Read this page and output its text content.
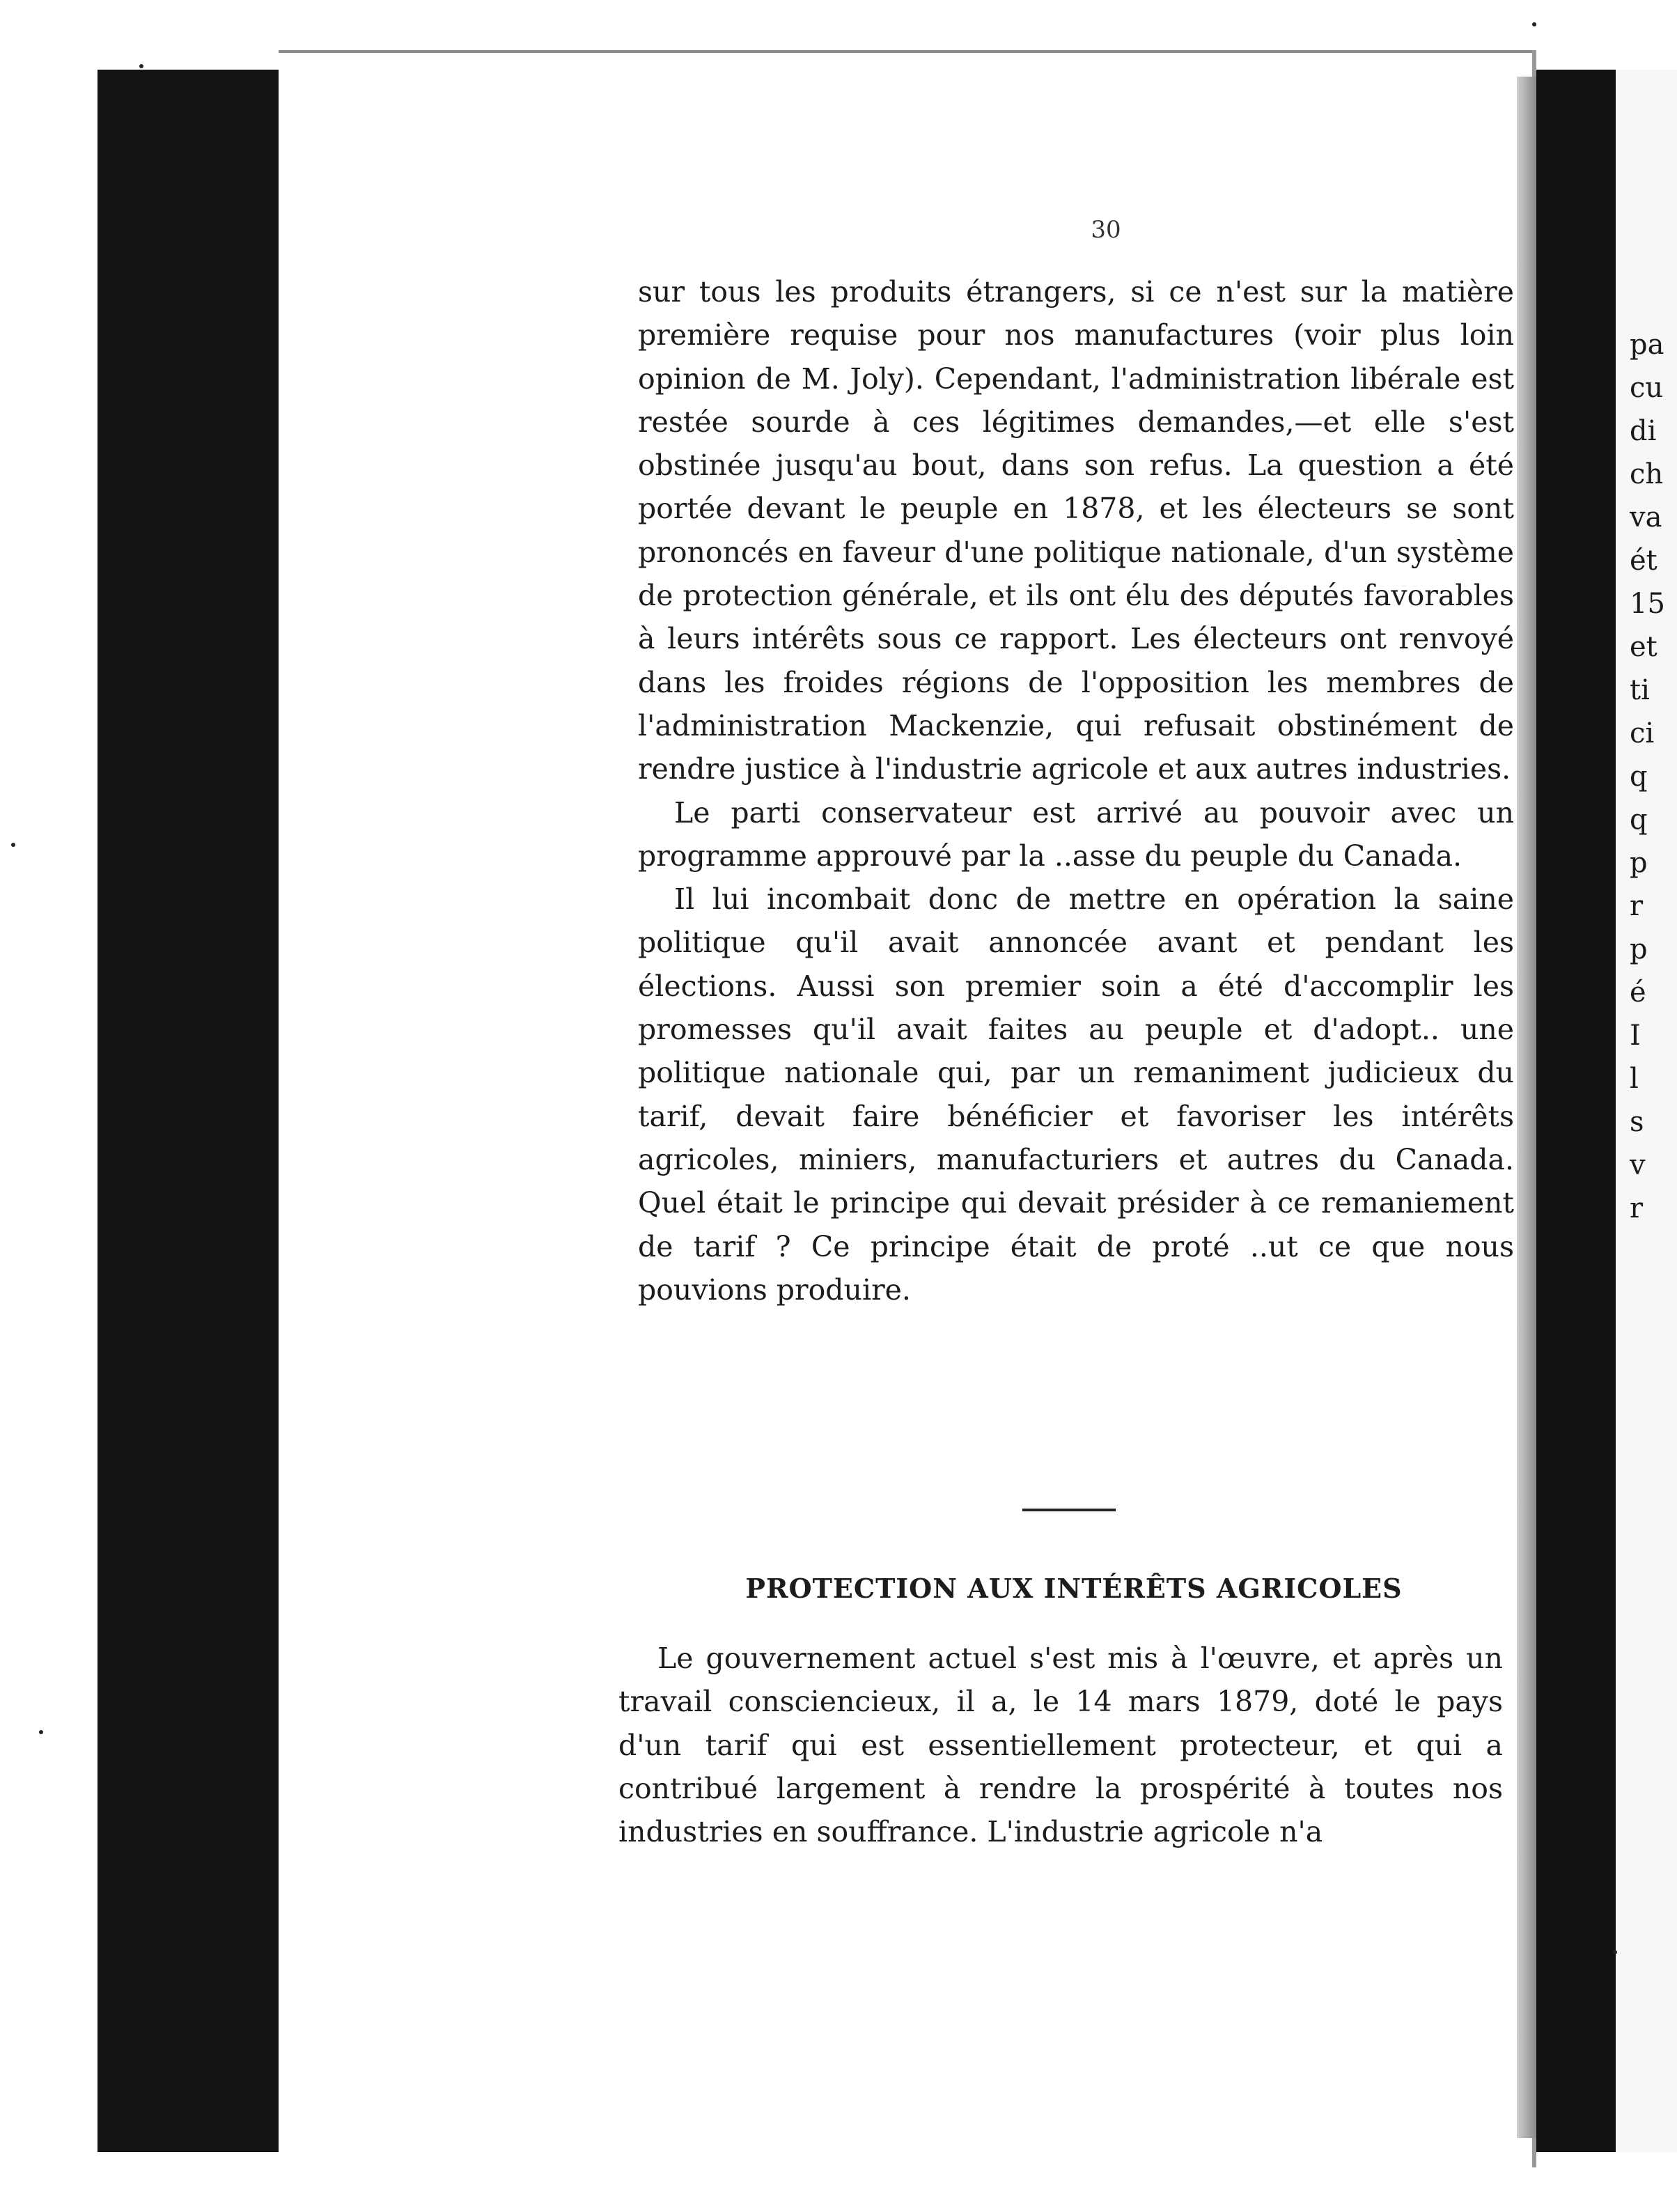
pa
cu
di
ch
va
ét
15
et
ti
ci
q
q
p
r
p
é
I
l
s
v
r
30

sur tous les produits étrangers, si ce n'est sur la matière première requise pour nos manufactures (voir plus loin opinion de M. Joly). Cependant, l'administration libérale est restée sourde à ces légitimes demandes,—et elle s'est obstinée jusqu'au bout, dans son refus. La question a été portée devant le peuple en 1878, et les électeurs se sont prononcés en faveur d'une politique nationale, d'un système de protection générale, et ils ont élu des députés favorables à leurs intérêts sous ce rapport. Les électeurs ont renvoyé dans les froides régions de l'opposition les membres de l'administration Mackenzie, qui refusait obstinément de rendre justice à l'industrie agricole et aux autres industries.

Le parti conservateur est arrivé au pouvoir avec un programme approuvé par la ..asse du peuple du Canada.

Il lui incombait donc de mettre en opération la saine politique qu'il avait annoncée avant et pendant les élections. Aussi son premier soin a été d'accomplir les promesses qu'il avait faites au peuple et d'adopt.. une politique nationale qui, par un remaniment judicieux du tarif, devait faire bénéficier et favoriser les intérêts agricoles, miniers, manufacturiers et autres du Canada. Quel était le principe qui devait présider à ce remaniement de tarif ? Ce principe était de proté ..ut ce que nous pouvions produire.

PROTECTION AUX INTÉRÊTS AGRICOLES

Le gouvernement actuel s'est mis à l'œuvre, et après un travail consciencieux, il a, le 14 mars 1879, doté le pays d'un tarif qui est essentiellement protecteur, et qui a contribué largement à rendre la prospérité à toutes nos industries en souffrance. L'industrie agricole n'a
